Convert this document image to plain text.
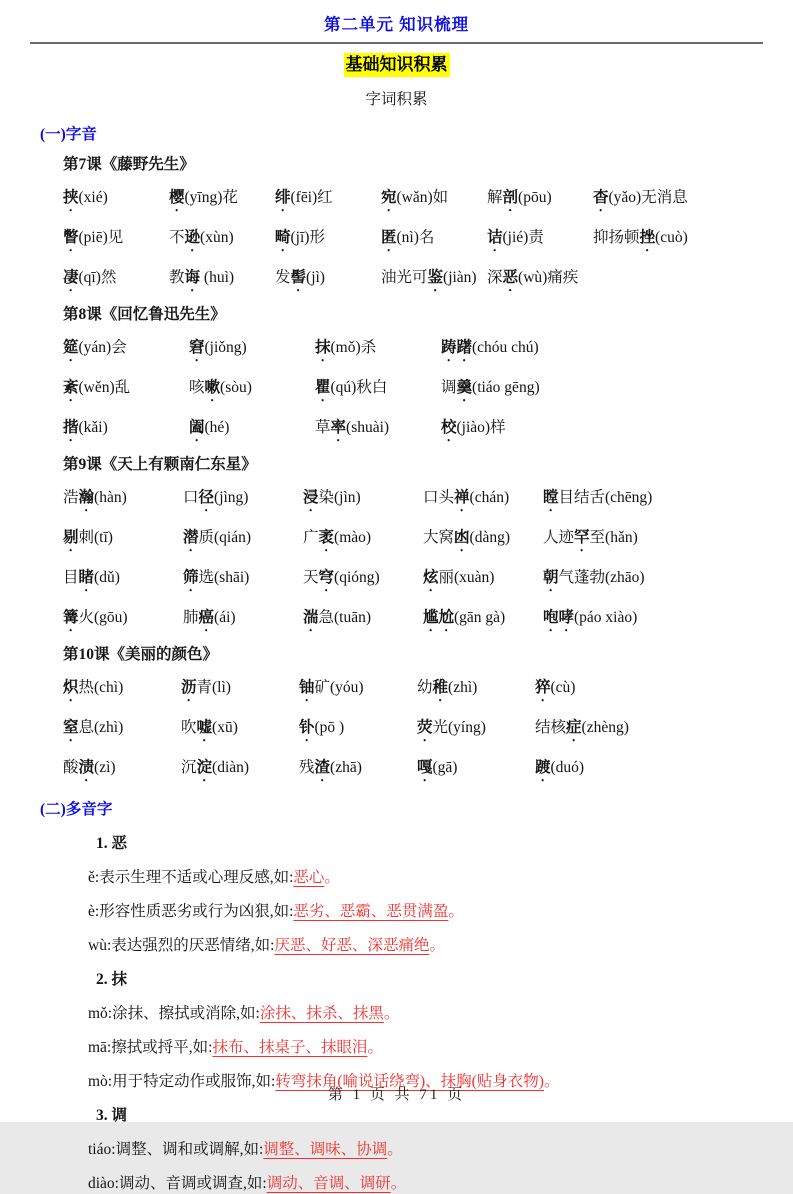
第二单元 知识梳理
基础知识积累
字词积累
(一)字音
第7课《藤野先生》
挟(xié)	樱(yīng)花	绯(fēi)红	宛(wǎn)如	解剖(pōu)	杳(yǎo)无消息
瞥(piē)见	不逊(xùn)	畸(jī)形	匿(nì)名	诘(jié)责	抑扬顿挫(cuò)
凄(qī)然	教诲 (huì)	发髻(jì)	油光可鉴(jiàn) 深恶(wù)痛疾
第8课《回忆鲁迅先生》
筵(yán)会	窘(jiǒng)	抹(mǒ)杀	踌躇(chóu chú)
紊(wěn)乱	咳嗽(sòu)	瞿(qú)秋白	调羹(tiáo gēng)
揩(kǎi)	阖(hé)	草率(shuài)	校(jiào)样
第9课《天上有颗南仁东星》
浩瀚(hàn)	口径(jìng)	浸染(jìn)	口头禅(chán)	瞠目结舌(chēng)
剔刺(tī)	潜质(qián)	广袤(mào)	大窝凼(dàng)	人迹罕至(hǎn)
目睹(dǔ)	筛选(shāi)	天穹(qióng)	炫丽(xuàn)	朝气蓬勃(zhāo)
篝火(gōu)	肺癌(ái)	湍急(tuān)	尴尬(gān gà)	咆哮(páo xiào)
第10课《美丽的颜色》
炽热(chì)	沥青(lì)	铀矿(yóu)	幼稚(zhì)	猝(cù)
窒息(zhì)	吹嘘(xū)	钋(pō )	荧光(yíng)	结核症(zhèng)
酸渍(zì)	沉淀(diàn)	残渣(zhā)	嘎(gā)	踱(duó)
(二)多音字
1. 恶
ě:表示生理不适或心理反感,如:恶心。
è:形容性质恶劣或行为凶狠,如:恶劣、恶霸、恶贯满盈。
wù:表达强烈的厌恶情绪,如:厌恶、好恶、深恶痛绝。
2. 抹
mǒ:涂抹、擦拭或消除,如:涂抹、抹杀、抹黑。
mā:擦拭或捋平,如:抹布、抹桌子、抹眼泪。
mò:用于特定动作或服饰,如:转弯抹角(喻说话绕弯)、抹胸(贴身衣物)。
3. 调
tiáo:调整、调和或调解,如:调整、调味、协调。
diào:调动、音调或调查,如:调动、音调、调研。
第 1 页 共 71 页
